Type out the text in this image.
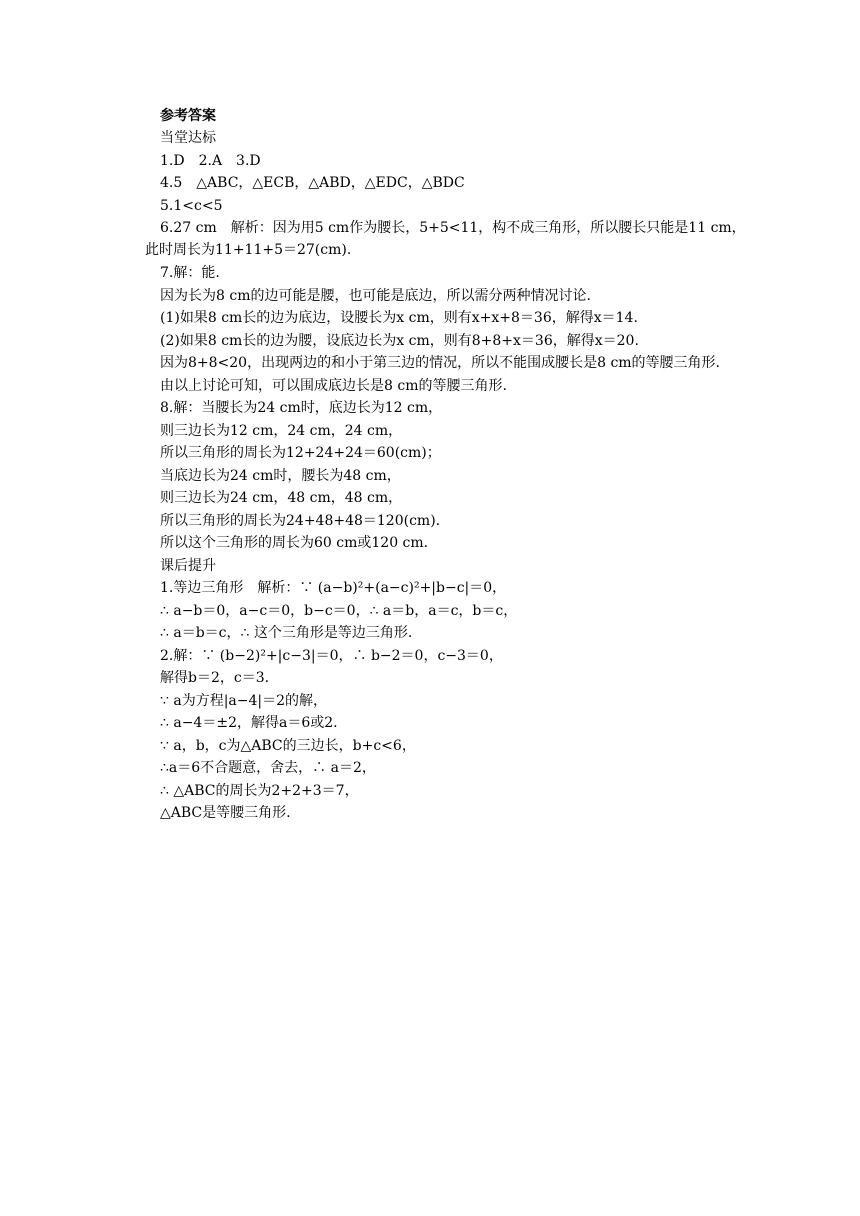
参考答案
当堂达标
1.D　2.A　3.D
4.5　△ABC，△ECB，△ABD，△EDC，△BDC
5.1<c<5
6.27 cm　解析：因为用5 cm作为腰长，5+5<11，构不成三角形，所以腰长只能是11 cm，
此时周长为11+11+5＝27(cm).
7.解：能.
因为长为8 cm的边可能是腰，也可能是底边，所以需分两种情况讨论.
(1)如果8 cm长的边为底边，设腰长为x cm，则有x+x+8＝36，解得x＝14.
(2)如果8 cm长的边为腰，设底边长为x cm，则有8+8+x＝36，解得x＝20.
因为8+8<20，出现两边的和小于第三边的情况，所以不能围成腰长是8 cm的等腰三角形.
由以上讨论可知，可以围成底边长是8 cm的等腰三角形.
8.解：当腰长为24 cm时，底边长为12 cm，
则三边长为12 cm，24 cm，24 cm，
所以三角形的周长为12+24+24＝60(cm)；
当底边长为24 cm时，腰长为48 cm，
则三边长为24 cm，48 cm，48 cm，
所以三角形的周长为24+48+48＝120(cm).
所以这个三角形的周长为60 cm或120 cm.
课后提升
1.等边三角形　解析：∵ (a−b)²+(a−c)²+|b−c|＝0，
∴ a−b＝0，a−c＝0，b−c＝0，∴ a＝b，a＝c，b＝c，
∴ a＝b＝c，∴ 这个三角形是等边三角形.
2.解：∵ (b−2)²+|c−3|＝0，∴ b−2＝0，c−3＝0，
解得b＝2，c＝3.
∵ a为方程|a−4|＝2的解，
∴ a−4＝±2，解得a＝6或2.
∵ a，b，c为△ABC的三边长，b+c<6，
∴a＝6不合题意，舍去，∴ a＝2，
∴ △ABC的周长为2+2+3＝7，
△ABC是等腰三角形.
